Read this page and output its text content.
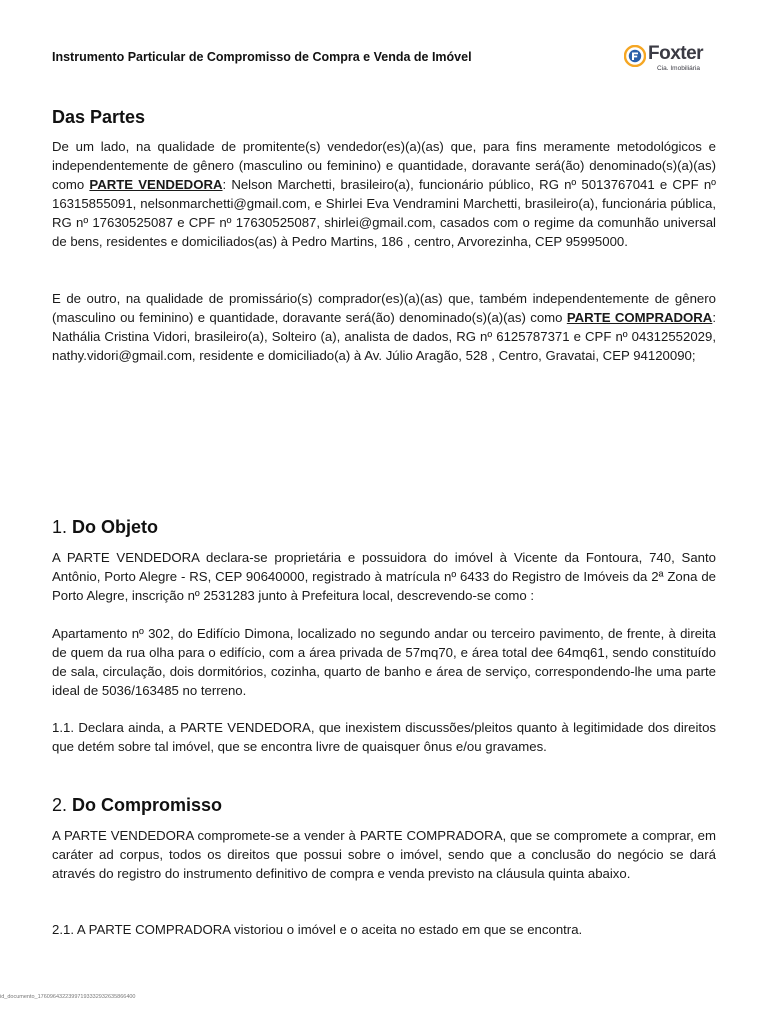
Instrumento Particular de Compromisso de Compra e Venda de Imóvel	Foxter
Cia. Imobiliária
Das Partes

De um lado, na qualidade de promitente(s) vendedor(es)(a)(as) que, para fins meramente metodológicos e independentemente de gênero (masculino ou feminino) e quantidade, doravante será(ão) denominado(s)(a)(as) como PARTE VENDEDORA: Nelson Marchetti, brasileiro(a), funcionário público, RG nº 5013767041 e CPF nº 16315855091, nelsonmarchetti@gmail.com, e Shirlei Eva Vendramini Marchetti, brasileiro(a), funcionária pública, RG nº 17630525087 e CPF nº 17630525087, shirlei@gmail.com, casados com o regime da comunhão universal de bens, residentes e domiciliados(as) à Pedro Martins, 186 , centro, Arvorezinha, CEP 95995000.

E de outro, na qualidade de promissário(s) comprador(es)(a)(as) que, também independentemente de gênero (masculino ou feminino) e quantidade, doravante será(ão) denominado(s)(a)(as) como PARTE COMPRADORA: Nathália Cristina Vidori, brasileiro(a), Solteiro (a), analista de dados, RG nº 6125787371 e CPF nº 04312552029, nathy.vidori@gmail.com, residente e domiciliado(a) à Av. Júlio Aragão, 528 , Centro, Gravatai, CEP 94120090;

1. Do Objeto

A PARTE VENDEDORA declara-se proprietária e possuidora do imóvel à Vicente da Fontoura, 740, Santo Antônio, Porto Alegre - RS, CEP 90640000, registrado à matrícula nº 6433 do Registro de Imóveis da 2ª Zona de Porto Alegre, inscrição nº 2531283 junto à Prefeitura local, descrevendo-se como :

Apartamento nº 302, do Edifício Dimona, localizado no segundo andar ou terceiro pavimento, de frente, à direita de quem da rua olha para o edifício, com a área privada de 57mq70, e área total dee 64mq61, sendo constituído de sala, circulação, dois dormitórios, cozinha, quarto de banho e área de serviço, correspondendo-lhe uma parte ideal de 5036/163485 no terreno.

1.1. Declara ainda, a PARTE VENDEDORA, que inexistem discussões/pleitos quanto à legitimidade dos direitos que detém sobre tal imóvel, que se encontra livre de quaisquer ônus e/ou gravames.

2. Do Compromisso

A PARTE VENDEDORA compromete-se a vender à PARTE COMPRADORA, que se compromete a comprar, em caráter ad corpus, todos os direitos que possui sobre o imóvel, sendo que a conclusão do negócio se dará através do registro do instrumento definitivo de compra e venda previsto na cláusula quinta abaixo.

2.1. A PARTE COMPRADORA vistoriou o imóvel e o aceita no estado em que se encontra.

id_documento_17609643223997193332932635866400
